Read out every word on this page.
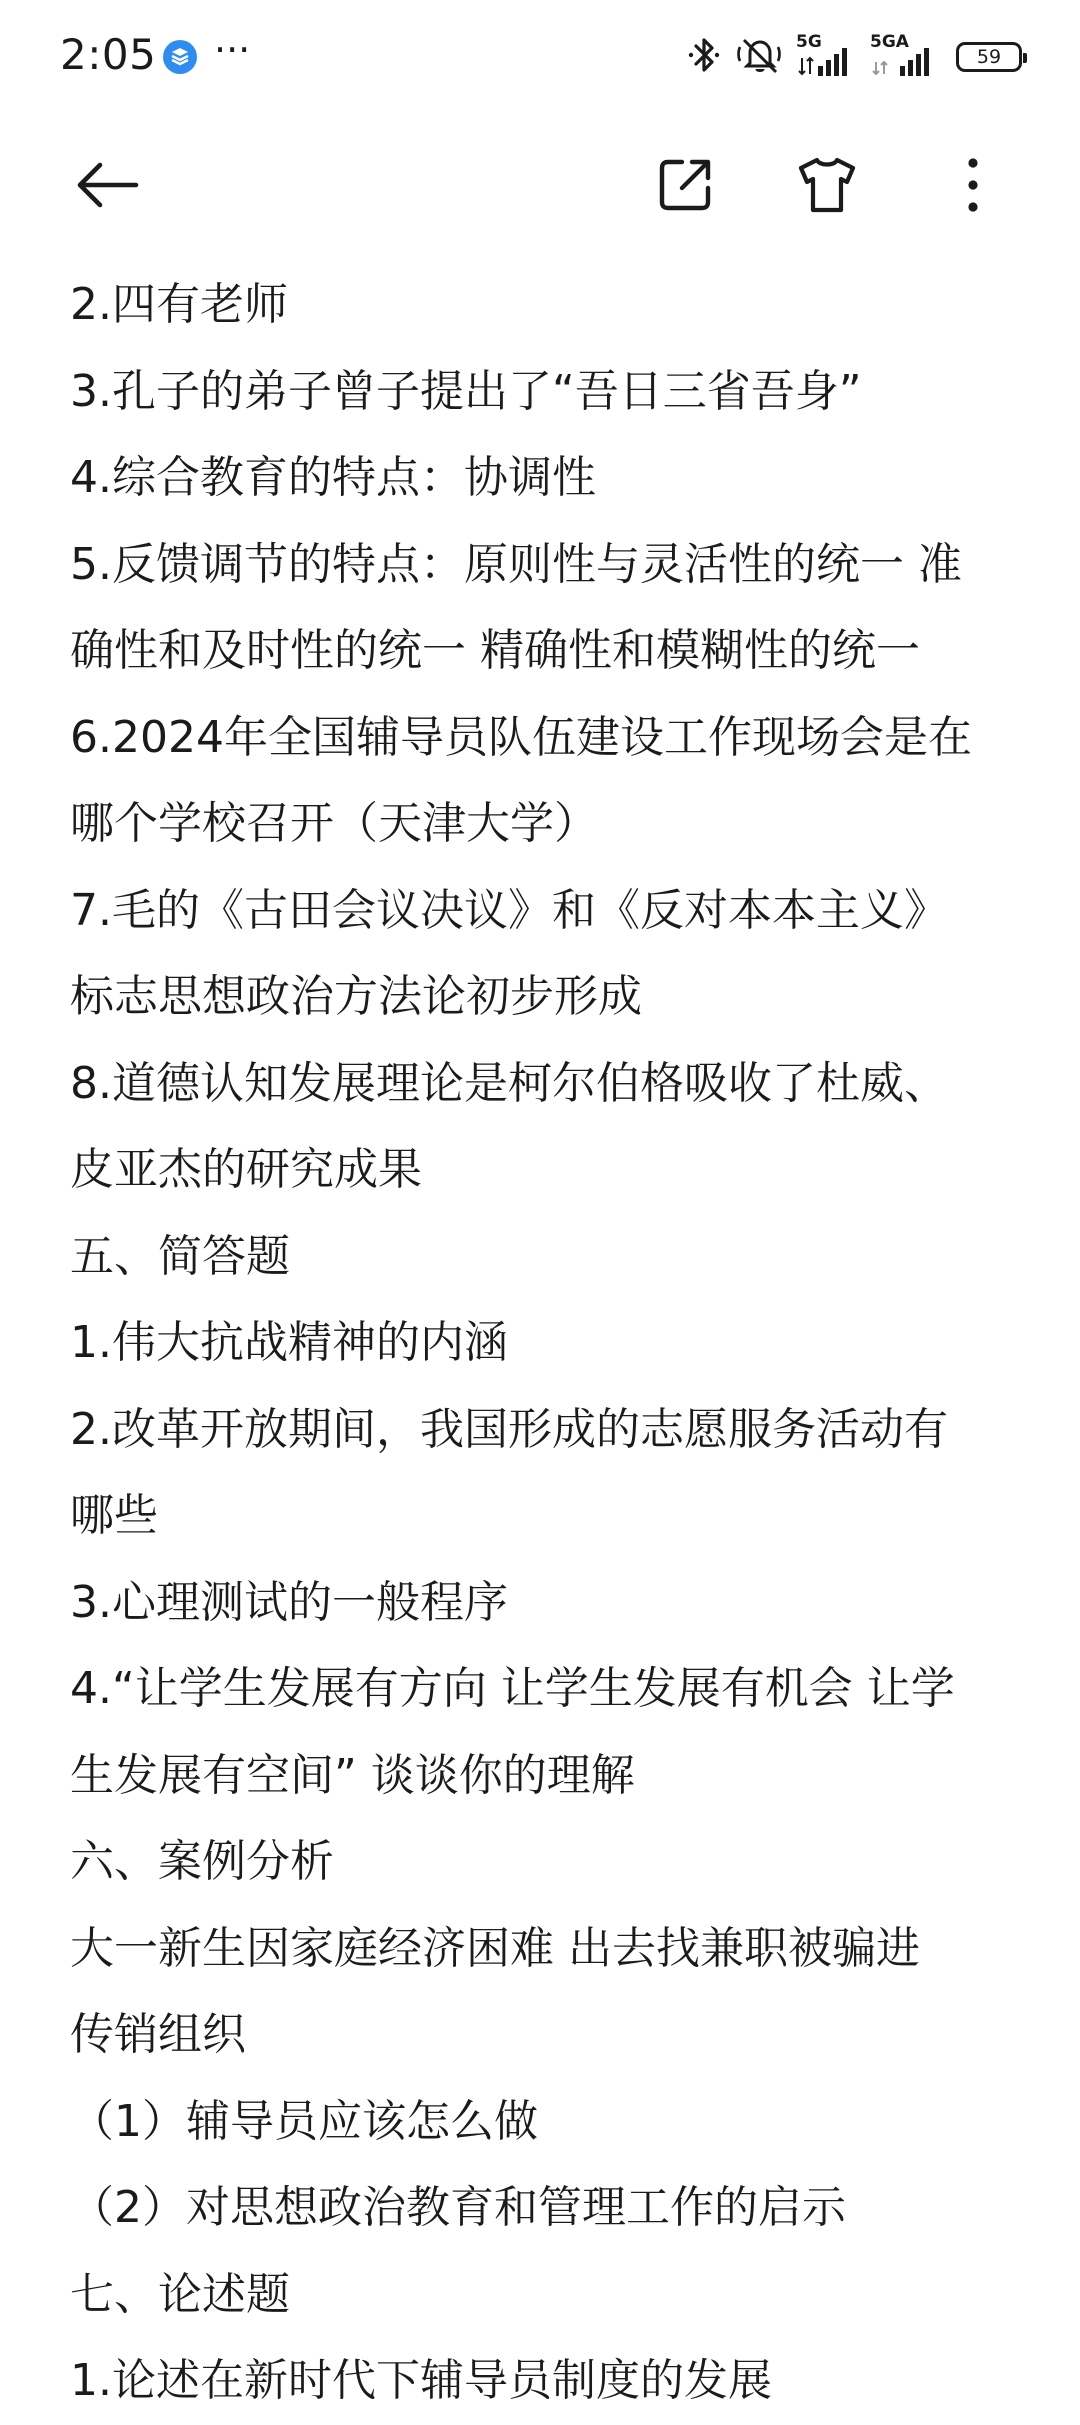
2:05 ···	5G	5GA
59
2.四有老师
3.孔子的弟子曾子提出了“吾日三省吾身”
4.综合教育的特点：协调性
5.反馈调节的特点：原则性与灵活性的统一 准
确性和及时性的统一 精确性和模糊性的统一
6.2024年全国辅导员队伍建设工作现场会是在
哪个学校召开（天津大学）
7.毛的《古田会议决议》和《反对本本主义》
标志思想政治方法论初步形成
8.道德认知发展理论是柯尔伯格吸收了杜威、
皮亚杰的研究成果
五、简答题
1.伟大抗战精神的内涵
2.改革开放期间，我国形成的志愿服务活动有
哪些
3.心理测试的一般程序
4.“让学生发展有方向 让学生发展有机会 让学
生发展有空间” 谈谈你的理解
六、案例分析
大一新生因家庭经济困难 出去找兼职被骗进
传销组织
（1）辅导员应该怎么做
（2）对思想政治教育和管理工作的启示
七、论述题
1.论述在新时代下辅导员制度的发展
